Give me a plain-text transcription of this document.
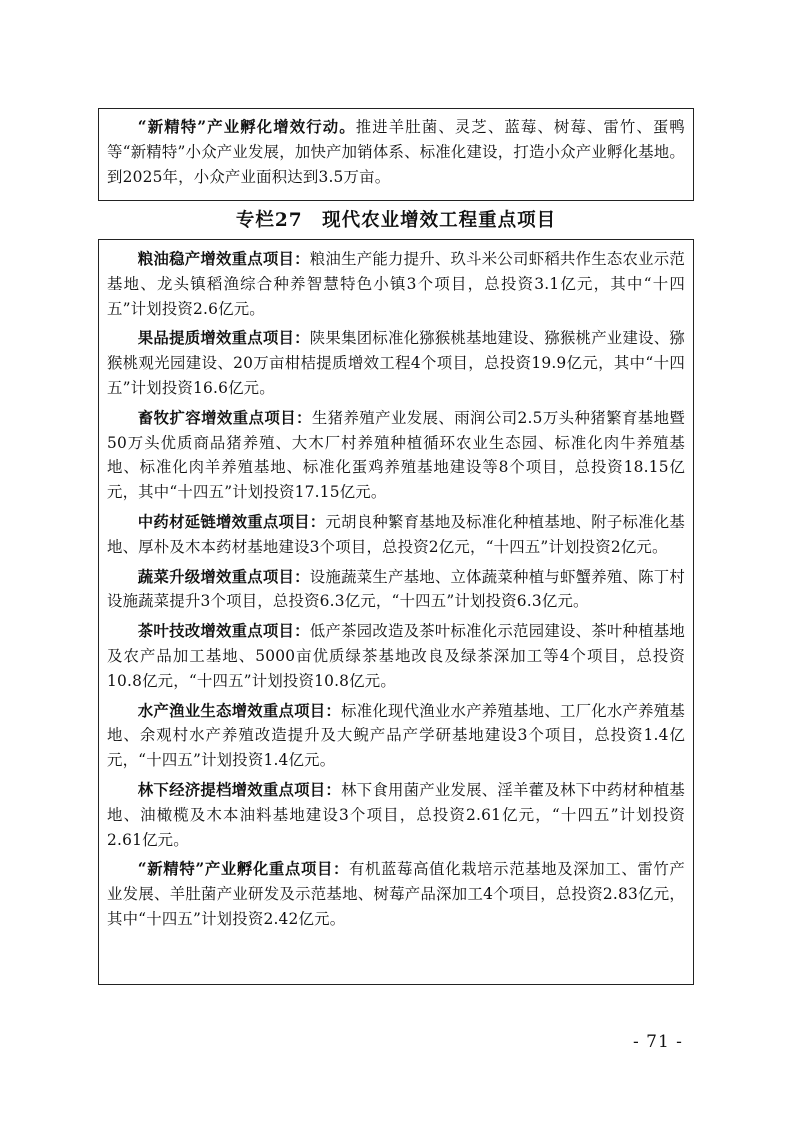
“新精特”产业孵化增效行动。推进羊肚菌、灵芝、蓝莓、树莓、雷竹、蛋鸭等“新精特”小众产业发展，加快产加销体系、标准化建设，打造小众产业孵化基地。到2025年，小众产业面积达到3.5万亩。

专栏27　现代农业增效工程重点项目

粮油稳产增效重点项目：粮油生产能力提升、玖斗米公司虾稻共作生态农业示范基地、龙头镇稻渔综合种养智慧特色小镇3个项目，总投资3.1亿元，其中“十四五”计划投资2.6亿元。

果品提质增效重点项目：陕果集团标准化猕猴桃基地建设、猕猴桃产业建设、猕猴桃观光园建设、20万亩柑桔提质增效工程4个项目，总投资19.9亿元，其中“十四五”计划投资16.6亿元。

畜牧扩容增效重点项目：生猪养殖产业发展、雨润公司2.5万头种猪繁育基地暨50万头优质商品猪养殖、大木厂村养殖种植循环农业生态园、标准化肉牛养殖基地、标准化肉羊养殖基地、标准化蛋鸡养殖基地建设等8个项目，总投资18.15亿元，其中“十四五”计划投资17.15亿元。

中药材延链增效重点项目：元胡良种繁育基地及标准化种植基地、附子标准化基地、厚朴及木本药材基地建设3个项目，总投资2亿元，“十四五”计划投资2亿元。

蔬菜升级增效重点项目：设施蔬菜生产基地、立体蔬菜种植与虾蟹养殖、陈丁村设施蔬菜提升3个项目，总投资6.3亿元，“十四五”计划投资6.3亿元。

茶叶技改增效重点项目：低产茶园改造及茶叶标准化示范园建设、茶叶种植基地及农产品加工基地、5000亩优质绿茶基地改良及绿茶深加工等4个项目，总投资10.8亿元，“十四五”计划投资10.8亿元。

水产渔业生态增效重点项目：标准化现代渔业水产养殖基地、工厂化水产养殖基地、余观村水产养殖改造提升及大鲵产品产学研基地建设3个项目，总投资1.4亿元，“十四五”计划投资1.4亿元。

林下经济提档增效重点项目：林下食用菌产业发展、淫羊藿及林下中药材种植基地、油橄榄及木本油料基地建设3个项目，总投资2.61亿元，“十四五”计划投资2.61亿元。

“新精特”产业孵化重点项目：有机蓝莓高值化栽培示范基地及深加工、雷竹产业发展、羊肚菌产业研发及示范基地、树莓产品深加工4个项目，总投资2.83亿元，其中“十四五”计划投资2.42亿元。

- 71 -
